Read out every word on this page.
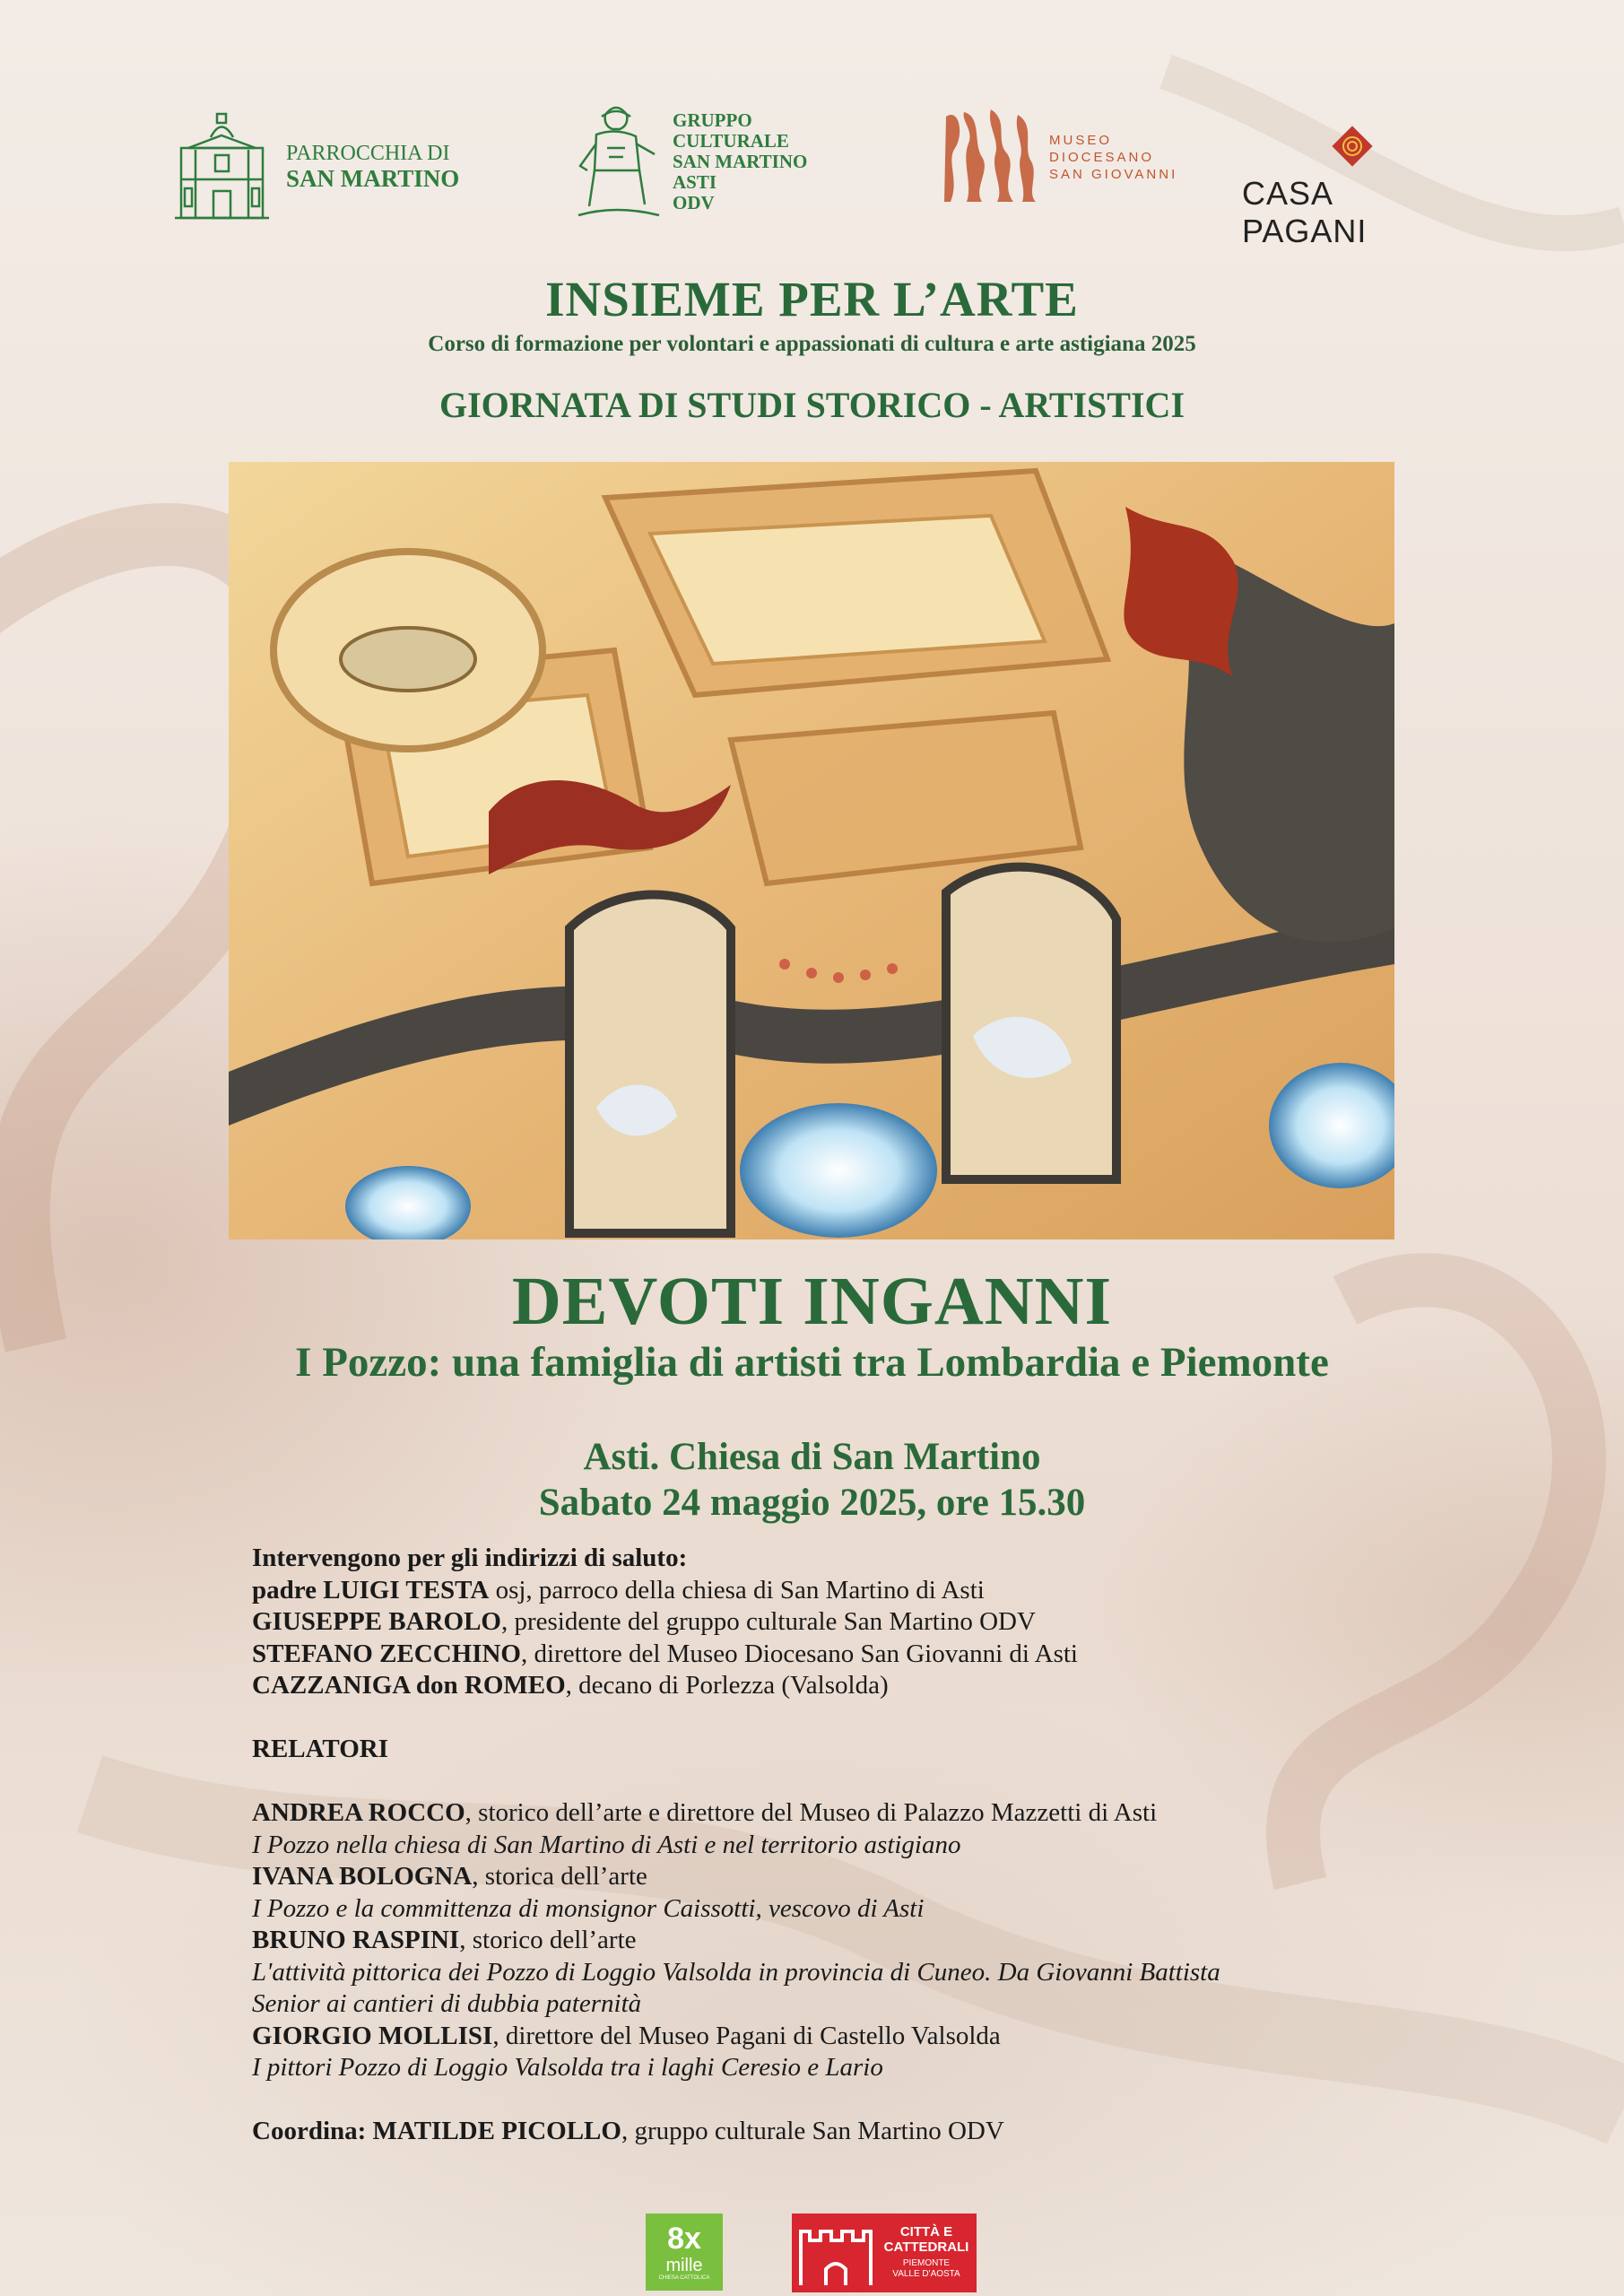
PARROCCHIA DI
SAN MARTINO
GRUPPO
CULTURALE
SAN MARTINO
ASTI
ODV
MUSEO
DIOCESANO
SAN GIOVANNI
CASA PAGANI
INSIEME PER L’ARTE
Corso di formazione per volontari e appassionati di cultura e arte astigiana 2025
GIORNATA DI STUDI STORICO - ARTISTICI
DEVOTI INGANNI
I Pozzo: una famiglia di artisti tra Lombardia e Piemonte
Asti. Chiesa di San Martino
Sabato 24 maggio 2025, ore 15.30

Intervengono per gli indirizzi di saluto:

padre LUIGI TESTA osj, parroco della chiesa di San Martino di Asti

GIUSEPPE BAROLO, presidente del gruppo culturale San Martino ODV

STEFANO ZECCHINO, direttore del Museo Diocesano San Giovanni di Asti

CAZZANIGA don ROMEO, decano di Porlezza (Valsolda)

RELATORI

ANDREA ROCCO, storico dell’arte e direttore del Museo di Palazzo Mazzetti di Asti

I Pozzo nella chiesa di San Martino di Asti e nel territorio astigiano

IVANA BOLOGNA, storica dell’arte

I Pozzo e la committenza di monsignor Caissotti, vescovo di Asti

BRUNO RASPINI, storico dell’arte

L'attività pittorica dei Pozzo di Loggio Valsolda in provincia di Cuneo. Da Giovanni Battista

Senior ai cantieri di dubbia paternità

GIORGIO MOLLISI, direttore del Museo Pagani di Castello Valsolda

I pittori Pozzo di Loggio Valsolda tra i laghi Ceresio e Lario

Coordina: MATILDE PICOLLO, gruppo culturale San Martino ODV

8x
mille
CHIESA CATTOLICA
CITTÀ E
CATTEDRALI
PIEMONTE
VALLE D'AOSTA
